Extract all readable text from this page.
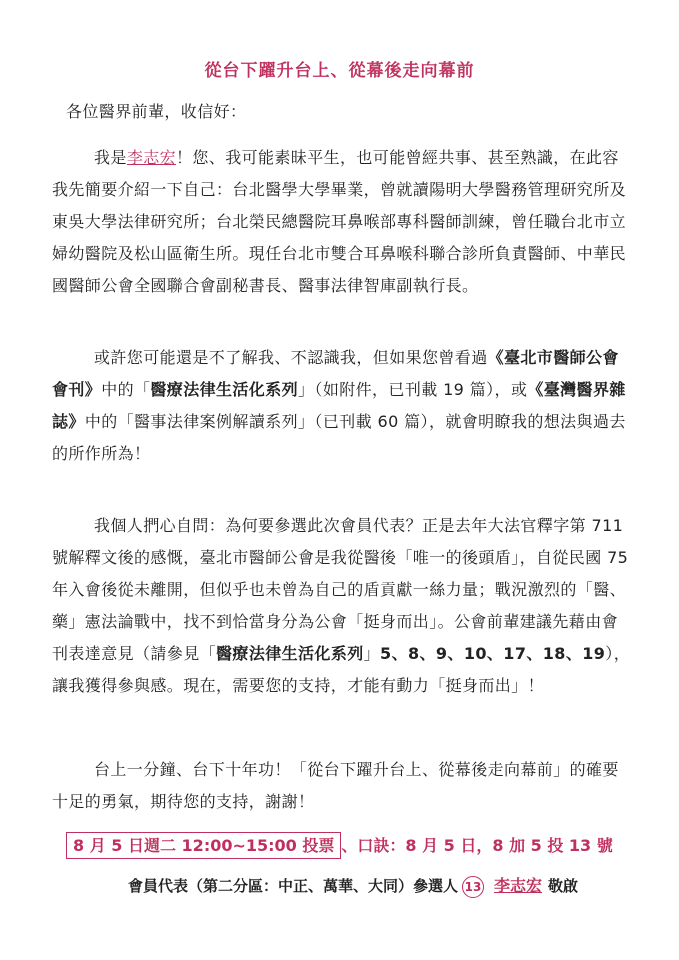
從台下躍升台上、從幕後走向幕前
各位醫界前輩，收信好：
我是李志宏！您、我可能素昧平生，也可能曾經共事、甚至熟識，在此容我先簡要介紹一下自己：台北醫學大學畢業，曾就讀陽明大學醫務管理研究所及東吳大學法律研究所；台北榮民總醫院耳鼻喉部專科醫師訓練，曾任職台北市立婦幼醫院及松山區衛生所。現任台北市雙合耳鼻喉科聯合診所負責醫師、中華民國醫師公會全國聯合會副秘書長、醫事法律智庫副執行長。
或許您可能還是不了解我、不認識我，但如果您曾看過《臺北市醫師公會會刊》中的「醫療法律生活化系列」（如附件，已刊載 19 篇），或《臺灣醫界雜誌》中的「醫事法律案例解讀系列」（已刊載 60 篇），就會明瞭我的想法與過去的所作所為！
我個人捫心自問：為何要參選此次會員代表？正是去年大法官釋字第 711 號解釋文後的感慨，臺北市醫師公會是我從醫後「唯一的後頭盾」，自從民國 75 年入會後從未離開，但似乎也未曾為自己的盾貢獻一絲力量；戰況激烈的「醫、藥」憲法論戰中，找不到恰當身分為公會「挺身而出」。公會前輩建議先藉由會刊表達意見（請參見「醫療法律生活化系列」5、8、9、10、17、18、19），讓我獲得參與感。現在，需要您的支持，才能有動力「挺身而出」！
台上一分鐘、台下十年功！「從台下躍升台上、從幕後走向幕前」的確要十足的勇氣，期待您的支持，謝謝！
8 月 5 日週二 12:00~15:00 投票 、口訣：8 月 5 日，8 加 5 投 13 號
會員代表（第二分區：中正、萬華、大同）參選人 13 李志宏 敬啟
